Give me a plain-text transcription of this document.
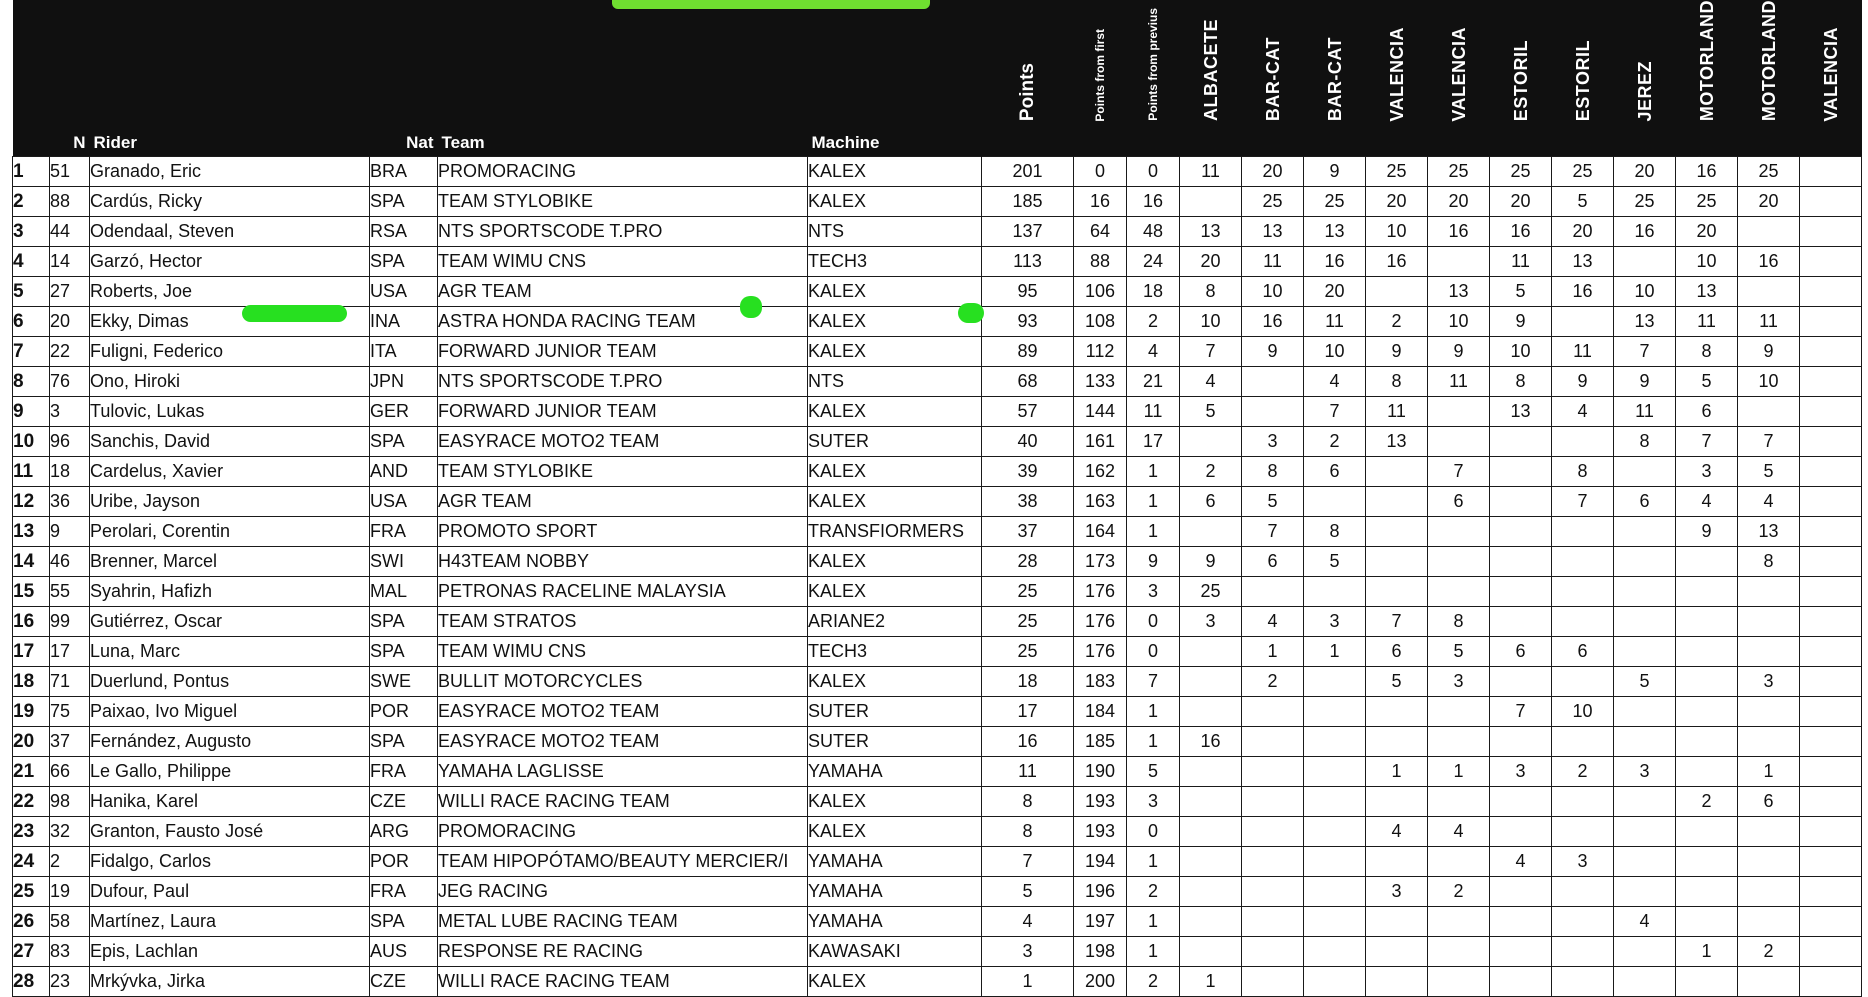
						Points	Points from first	Points from previus	ALBACETE	BAR-CAT	BAR-CAT	VALENCIA	VALENCIA	ESTORIL	ESTORIL	JEREZ	MOTORLAND	MOTORLAND	VALENCIA
	N	Rider	Nat	Team	Machine														
1	51	Granado, Eric	BRA	PROMORACING	KALEX	201	0	0	11	20	9	25	25	25	25	20	16	25	
2	88	Cardús, Ricky	SPA	TEAM STYLOBIKE	KALEX	185	16	16		25	25	20	20	20	5	25	25	20	
3	44	Odendaal, Steven	RSA	NTS SPORTSCODE T.PRO	NTS	137	64	48	13	13	13	10	16	16	20	16	20		
4	14	Garzó, Hector	SPA	TEAM WIMU CNS	TECH3	113	88	24	20	11	16	16		11	13		10	16	
5	27	Roberts, Joe	USA	AGR TEAM	KALEX	95	106	18	8	10	20		13	5	16	10	13		
6	20	Ekky, Dimas	INA	ASTRA HONDA RACING TEAM	KALEX	93	108	2	10	16	11	2	10	9		13	11	11	
7	22	Fuligni, Federico	ITA	FORWARD JUNIOR TEAM	KALEX	89	112	4	7	9	10	9	9	10	11	7	8	9	
8	76	Ono, Hiroki	JPN	NTS SPORTSCODE T.PRO	NTS	68	133	21	4		4	8	11	8	9	9	5	10	
9	3	Tulovic, Lukas	GER	FORWARD JUNIOR TEAM	KALEX	57	144	11	5		7	11		13	4	11	6		
10	96	Sanchis, David	SPA	EASYRACE MOTO2 TEAM	SUTER	40	161	17		3	2	13				8	7	7	
11	18	Cardelus, Xavier	AND	TEAM STYLOBIKE	KALEX	39	162	1	2	8	6		7		8		3	5	
12	36	Uribe, Jayson	USA	AGR TEAM	KALEX	38	163	1	6	5			6		7	6	4	4	
13	9	Perolari, Corentin	FRA	PROMOTO SPORT	TRANSFIORMERS	37	164	1		7	8						9	13	
14	46	Brenner, Marcel	SWI	H43TEAM NOBBY	KALEX	28	173	9	9	6	5							8	
15	55	Syahrin, Hafizh	MAL	PETRONAS RACELINE MALAYSIA	KALEX	25	176	3	25										
16	99	Gutiérrez, Oscar	SPA	TEAM STRATOS	ARIANE2	25	176	0	3	4	3	7	8						
17	17	Luna, Marc	SPA	TEAM WIMU CNS	TECH3	25	176	0		1	1	6	5	6	6				
18	71	Duerlund, Pontus	SWE	BULLIT MOTORCYCLES	KALEX	18	183	7		2		5	3			5		3	
19	75	Paixao, Ivo Miguel	POR	EASYRACE MOTO2 TEAM	SUTER	17	184	1						7	10				
20	37	Fernández, Augusto	SPA	EASYRACE MOTO2 TEAM	SUTER	16	185	1	16										
21	66	Le Gallo, Philippe	FRA	YAMAHA LAGLISSE	YAMAHA	11	190	5				1	1	3	2	3		1	
22	98	Hanika, Karel	CZE	WILLI RACE RACING TEAM	KALEX	8	193	3									2	6	
23	32	Granton, Fausto José	ARG	PROMORACING	KALEX	8	193	0				4	4						
24	2	Fidalgo, Carlos	POR	TEAM HIPOPÓTAMO/BEAUTY MERCIER/I	YAMAHA	7	194	1						4	3				
25	19	Dufour, Paul	FRA	JEG RACING	YAMAHA	5	196	2				3	2						
26	58	Martínez, Laura	SPA	METAL LUBE RACING TEAM	YAMAHA	4	197	1								4			
27	83	Epis, Lachlan	AUS	RESPONSE RE RACING	KAWASAKI	3	198	1									1	2	
28	23	Mrkývka, Jirka	CZE	WILLI RACE RACING TEAM	KALEX	1	200	2	1										
